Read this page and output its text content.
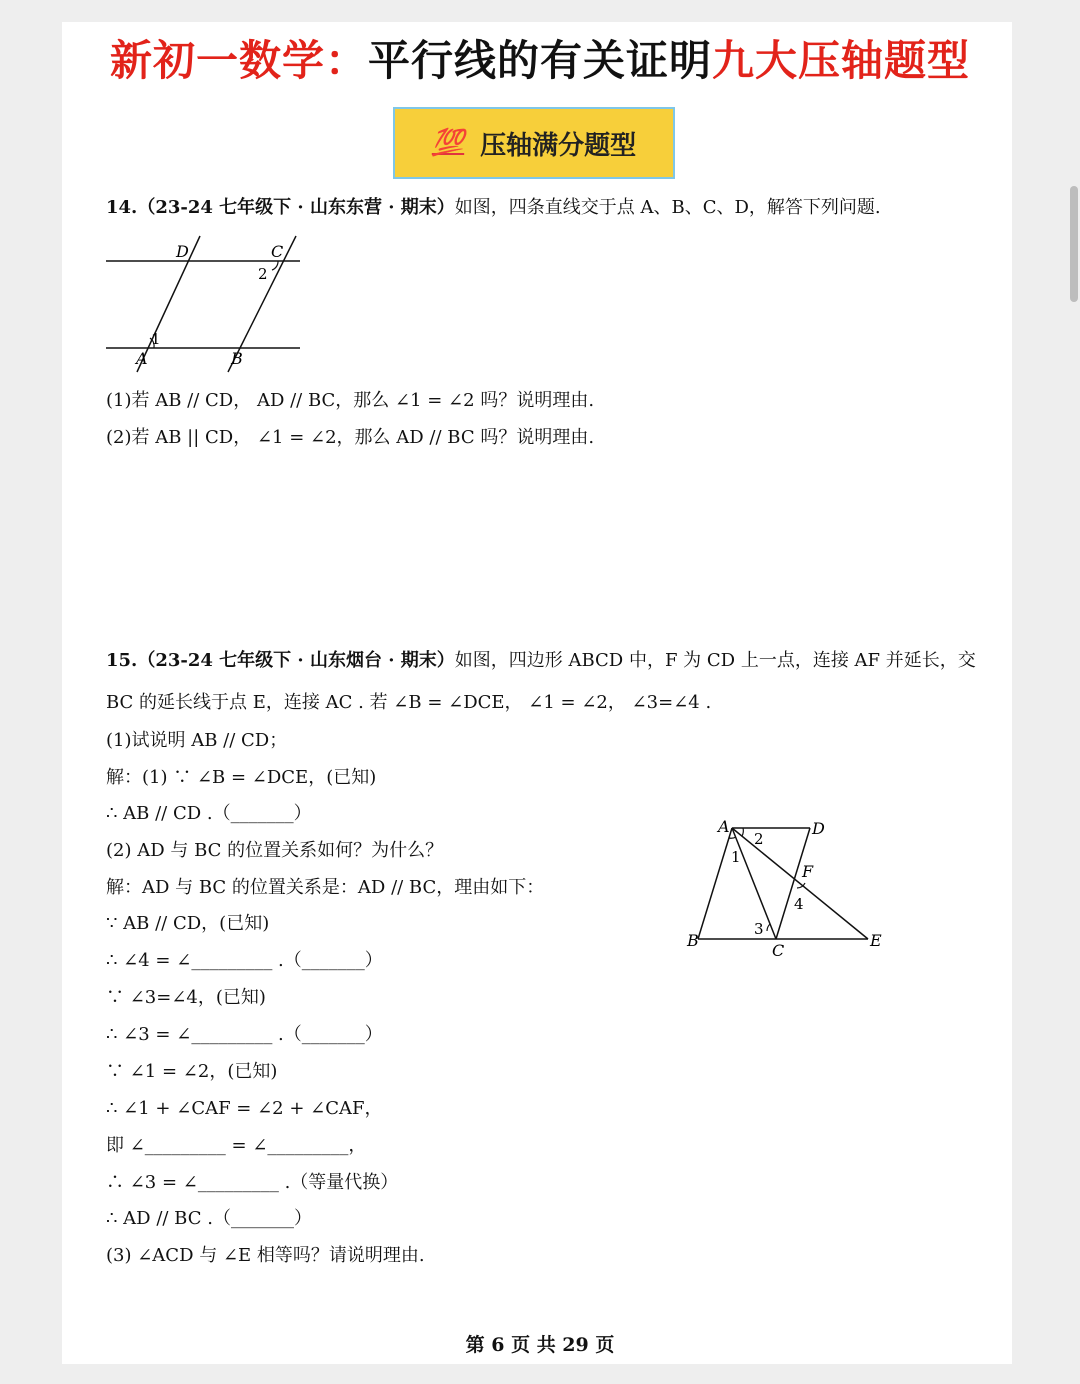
新初一数学：平行线的有关证明九大压轴题型
💯 压轴满分题型
14.（23-24 七年级下 · 山东东营 · 期末）如图，四条直线交于点 A、B、C、D，解答下列问题.
D	C
2
1
A	B
(1)若 AB // CD， AD // BC，那么 ∠1 = ∠2 吗？说明理由.
(2)若 AB || CD， ∠1 = ∠2，那么 AD // BC 吗？说明理由.
15.（23-24 七年级下 · 山东烟台 · 期末）如图，四边形 ABCD 中，F 为 CD 上一点，连接 AF 并延长，交
BC 的延长线于点 E，连接 AC . 若 ∠B = ∠DCE， ∠1 = ∠2， ∠3=∠4 .
(1)试说明 AB // CD；
解：(1) ∵ ∠B = ∠DCE，(已知)
∴ AB // CD .（_______）
(2) AD 与 BC 的位置关系如何？为什么？
解：AD 与 BC 的位置关系是：AD // BC，理由如下：
∵ AB // CD，(已知)
∴ ∠4 = ∠_________ .（_______）
∵ ∠3=∠4，(已知)
∴ ∠3 = ∠_________ .（_______）
∵ ∠1 = ∠2，(已知)
∴ ∠1 + ∠CAF = ∠2 + ∠CAF，
即 ∠_________ = ∠_________，
∴ ∠3 = ∠_________ .（等量代换）
∴ AD // BC .（_______）
(3) ∠ACD 与 ∠E 相等吗？请说明理由.
A	D
2
1
F
4
3
B
C
E
第 6 页 共 29 页
